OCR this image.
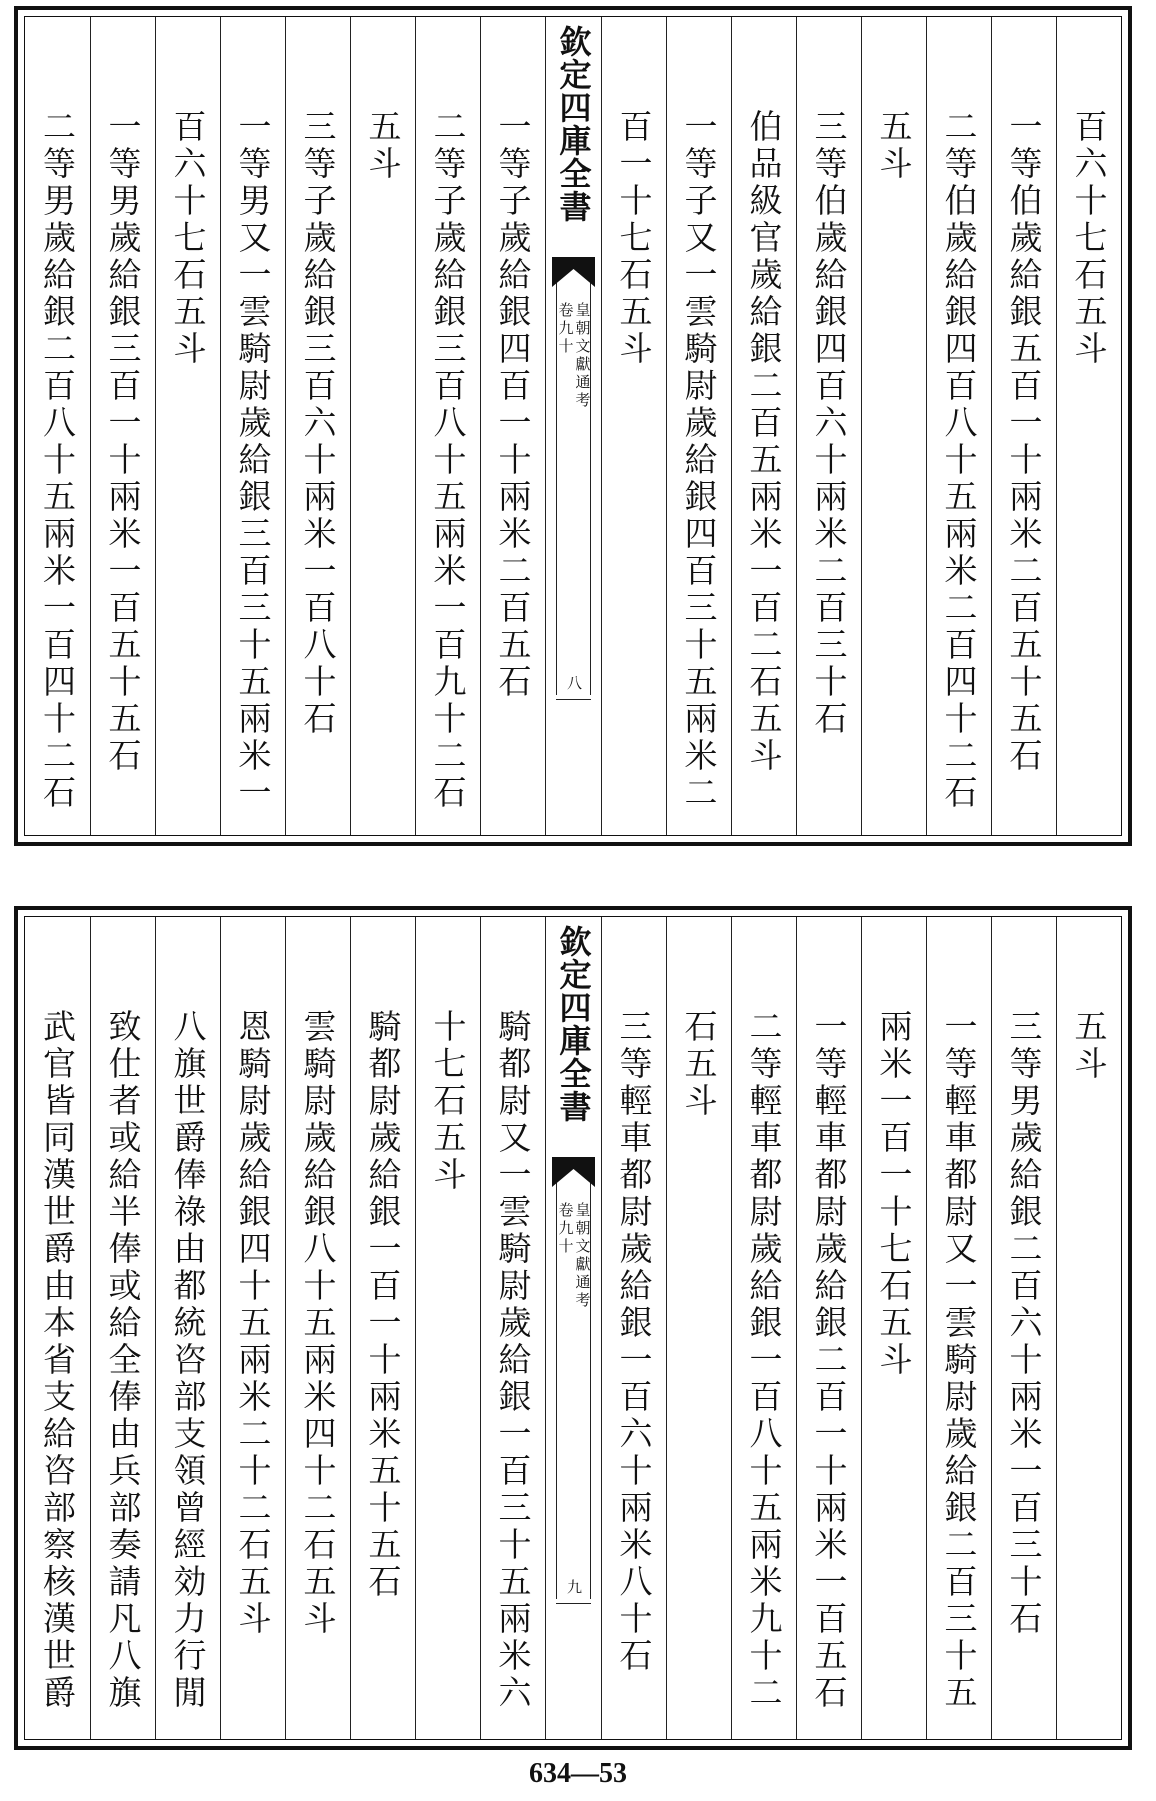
百六十七石五斗
一等伯歲給銀五百一十兩米二百五十五石
二等伯歲給銀四百八十五兩米二百四十二石
五斗
三等伯歲給銀四百六十兩米二百三十石
伯品級官歲給銀二百五兩米一百二石五斗
一等子又一雲騎尉歲給銀四百三十五兩米二
百一十七石五斗
欽定四庫全書
卷九十 皇朝文獻通考
八
一等子歲給銀四百一十兩米二百五石
二等子歲給銀三百八十五兩米一百九十二石
五斗
三等子歲給銀三百六十兩米一百八十石
一等男又一雲騎尉歲給銀三百三十五兩米一
百六十七石五斗
一等男歲給銀三百一十兩米一百五十五石
二等男歲給銀二百八十五兩米一百四十二石
五斗
三等男歲給銀二百六十兩米一百三十石
一等輕車都尉又一雲騎尉歲給銀二百三十五
兩米一百一十七石五斗
一等輕車都尉歲給銀二百一十兩米一百五石
二等輕車都尉歲給銀一百八十五兩米九十二
石五斗
三等輕車都尉歲給銀一百六十兩米八十石
欽定四庫全書
卷九十 皇朝文獻通考
九
騎都尉又一雲騎尉歲給銀一百三十五兩米六
十七石五斗
騎都尉歲給銀一百一十兩米五十五石
雲騎尉歲給銀八十五兩米四十二石五斗
恩騎尉歲給銀四十五兩米二十二石五斗
八旗世爵俸祿由都統咨部支領曾經効力行閒
致仕者或給半俸或給全俸由兵部奏請凡八旗
武官皆同漢世爵由本省支給咨部察核漢世爵
634—53
